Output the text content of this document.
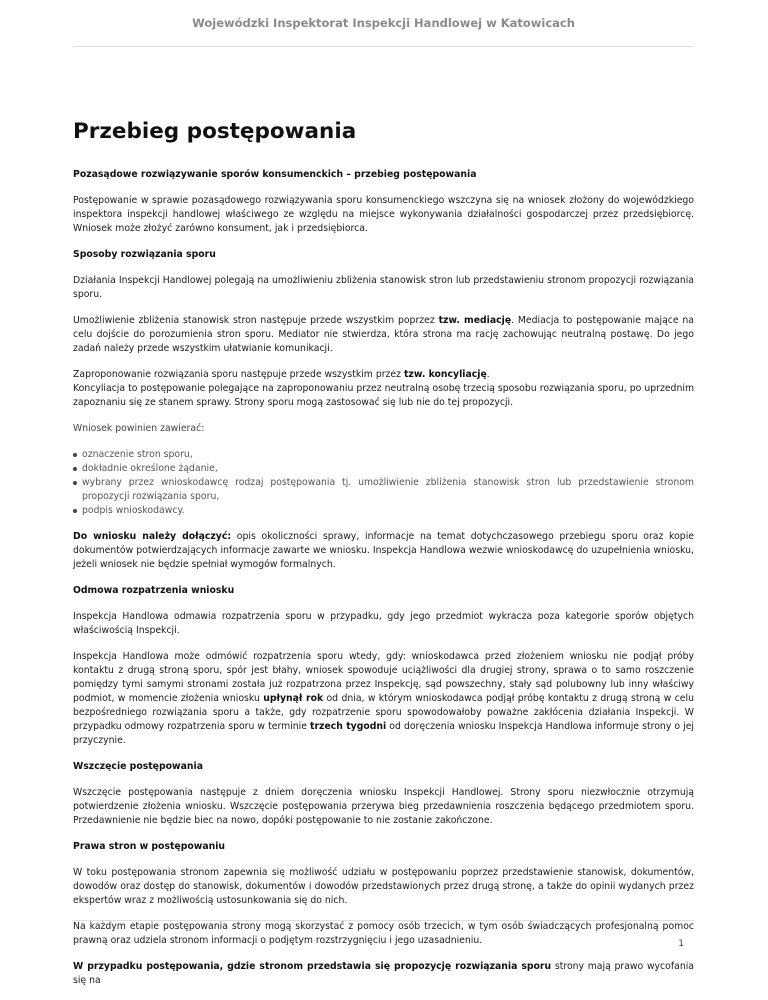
Wojewódzki Inspektorat Inspekcji Handlowej w Katowicach
Przebieg postępowania
Pozasądowe rozwiązywanie sporów konsumenckich – przebieg postępowania

Postępowanie w sprawie pozasądowego rozwiązywania sporu konsumenckiego wszczyna się na wniosek złożony do wojewódzkiego inspektora inspekcji handlowej właściwego ze względu na miejsce wykonywania działalności gospodarczej przez przedsiębiorcę. Wniosek może złożyć zarówno konsument, jak i przedsiębiorca.

Sposoby rozwiązania sporu

Działania Inspekcji Handlowej polegają na umożliwieniu zbliżenia stanowisk stron lub przedstawieniu stronom propozycji rozwiązania sporu.

Umożliwienie zbliżenia stanowisk stron następuje przede wszystkim poprzez tzw. mediację. Mediacja to postępowanie mające na celu dojście do porozumienia stron sporu. Mediator nie stwierdza, która strona ma rację zachowując neutralną postawę. Do jego zadań należy przede wszystkim ułatwianie komunikacji.

Zaproponowanie rozwiązania sporu następuje przede wszystkim przez tzw. koncyliację.
Koncyliacja to postępowanie polegające na zaproponowaniu przez neutralną osobę trzecią sposobu rozwiązania sporu, po uprzednim zapoznaniu się ze stanem sprawy. Strony sporu mogą zastosować się lub nie do tej propozycji.

Wniosek powinien zawierać:

oznaczenie stron sporu,
dokładnie określone żądanie,
wybrany przez wnioskodawcę rodzaj postępowania tj. umożliwienie zbliżenia stanowisk stron lub przedstawienie stronom propozycji rozwiązania sporu,
podpis wnioskodawcy.

Do wniosku należy dołączyć: opis okoliczności sprawy, informacje na temat dotychczasowego przebiegu sporu oraz kopie dokumentów potwierdzających informacje zawarte we wniosku. Inspekcja Handlowa wezwie wnioskodawcę do uzupełnienia wniosku, jeżeli wniosek nie będzie spełniał wymogów formalnych.

Odmowa rozpatrzenia wniosku

Inspekcja Handlowa odmawia rozpatrzenia sporu w przypadku, gdy jego przedmiot wykracza poza kategorie sporów objętych właściwością Inspekcji.

Inspekcja Handlowa może odmówić rozpatrzenia sporu wtedy, gdy: wnioskodawca przed złożeniem wniosku nie podjął próby kontaktu z drugą stroną sporu, spór jest błahy, wniosek spowoduje uciążliwości dla drugiej strony, sprawa o to samo roszczenie pomiędzy tymi samymi stronami została już rozpatrzona przez Inspekcję, sąd powszechny, stały sąd polubowny lub inny właściwy podmiot, w momencie złożenia wniosku upłynął rok od dnia, w którym wnioskodawca podjął próbę kontaktu z drugą stroną w celu bezpośredniego rozwiązania sporu a także, gdy rozpatrzenie sporu spowodowałoby poważne zakłócenia działania Inspekcji. W przypadku odmowy rozpatrzenia sporu w terminie trzech tygodni od doręczenia wniosku Inspekcja Handlowa informuje strony o jej przyczynie.

Wszczęcie postępowania

Wszczęcie postępowania następuje z dniem doręczenia wniosku Inspekcji Handlowej. Strony sporu niezwłocznie otrzymują potwierdzenie złożenia wniosku. Wszczęcie postępowania przerywa bieg przedawnienia roszczenia będącego przedmiotem sporu. Przedawnienie nie będzie biec na nowo, dopóki postępowanie to nie zostanie zakończone.

Prawa stron w postępowaniu

W toku postępowania stronom zapewnia się możliwość udziału w postępowaniu poprzez przedstawienie stanowisk, dokumentów, dowodów oraz dostęp do stanowisk, dokumentów i dowodów przedstawionych przez drugą stronę, a także do opinii wydanych przez ekspertów wraz z możliwością ustosunkowania się do nich.

Na każdym etapie postępowania strony mogą skorzystać z pomocy osób trzecich, w tym osób świadczących profesjonalną pomoc prawną oraz udziela stronom informacji o podjętym rozstrzygnięciu i jego uzasadnieniu.

W przypadku postępowania, gdzie stronom przedstawia się propozycję rozwiązania sporu strony mają prawo wycofania się na

1
